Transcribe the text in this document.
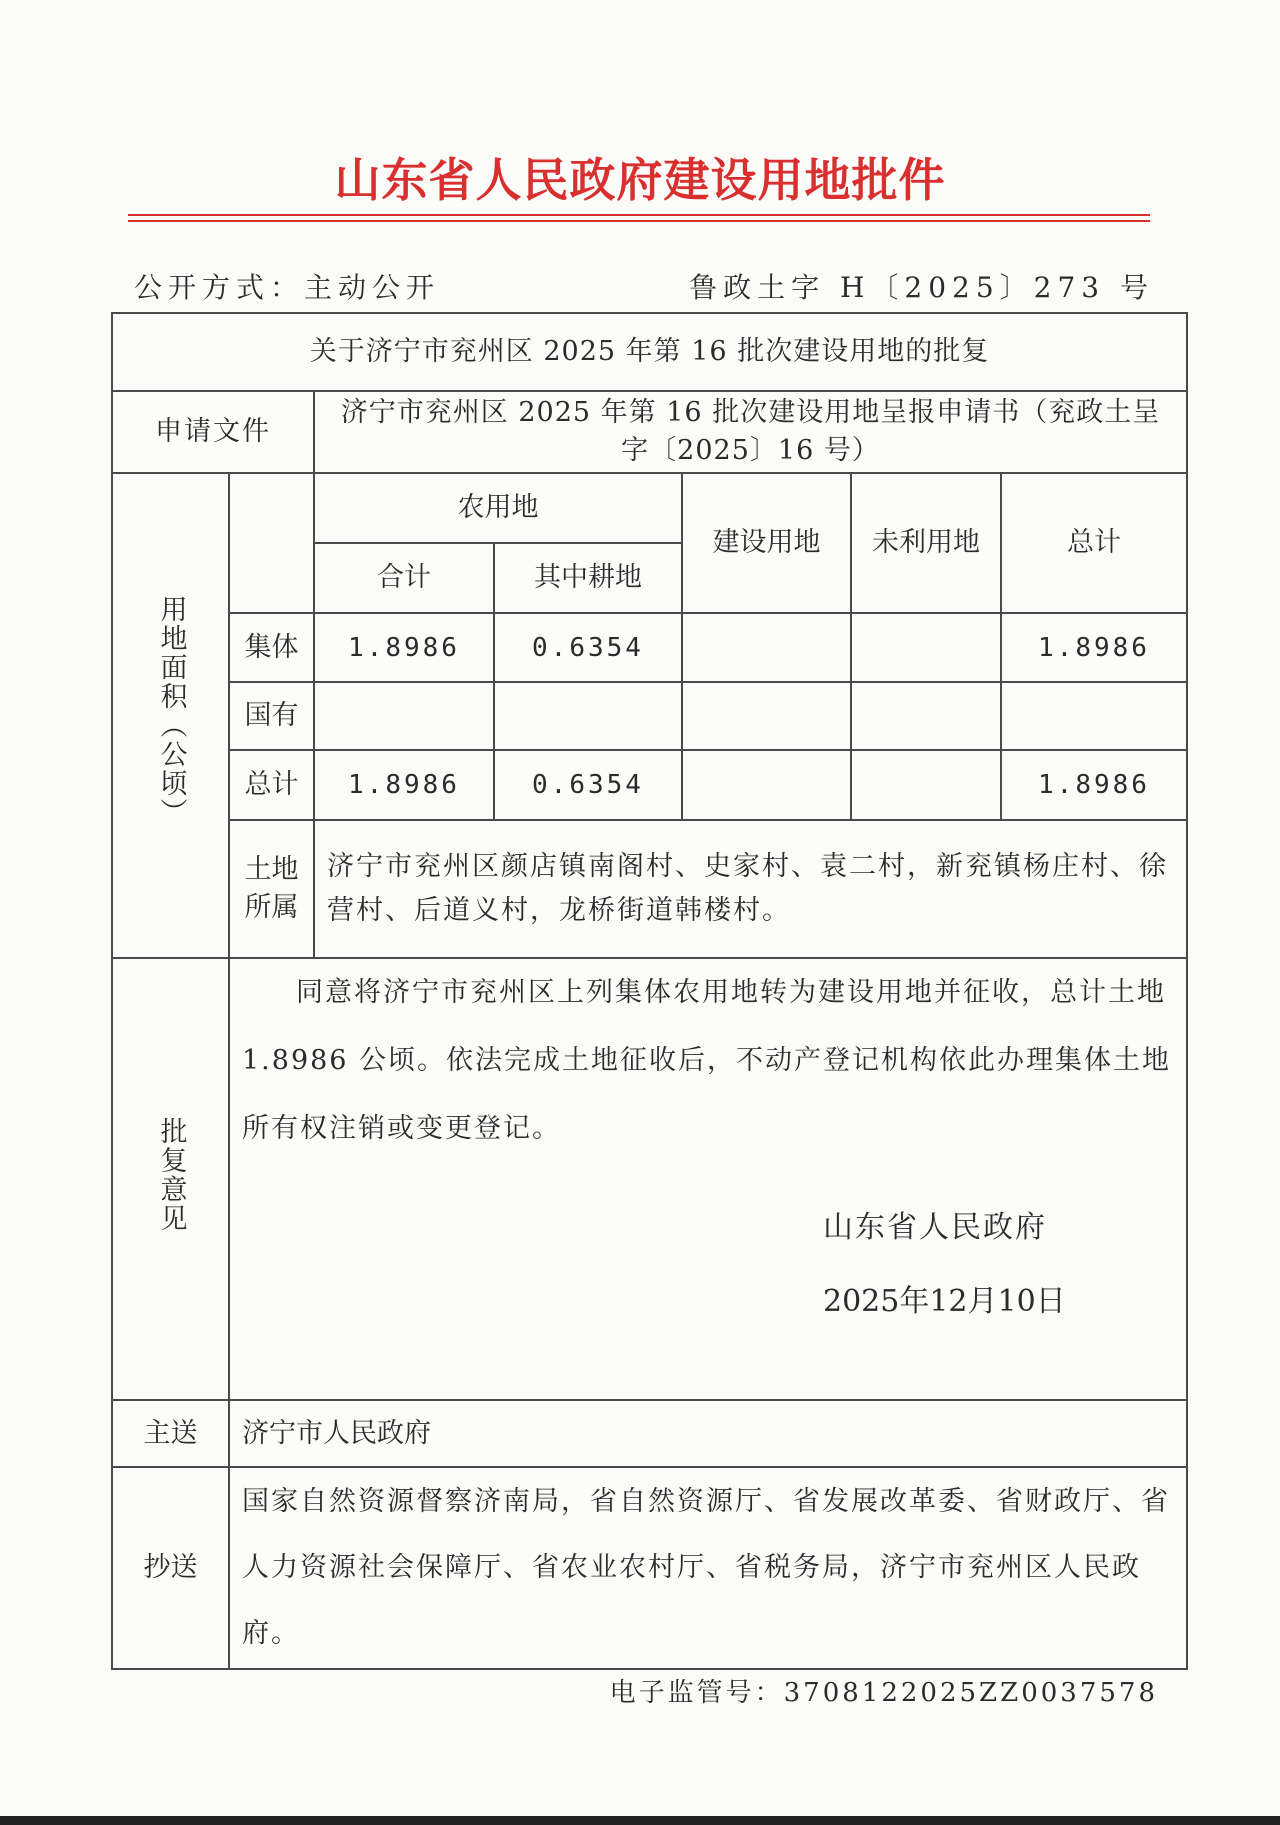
山东省人民政府建设用地批件
公开方式：主动公开	鲁政土字 H〔2025〕273 号
关于济宁市兖州区 2025 年第 16 批次建设用地的批复						
申请文件		济宁市兖州区 2025 年第 16 批次建设用地呈报申请书（兖政土呈字〔2025〕16 号）				
用地面积（公顷）		农用地		建设用地	未利用地	总计
		合计	其中耕地			
	集体	1.8986	0.6354			1.8986
	国有					
	总计	1.8986	0.6354			1.8986
	土地所属	济宁市兖州区颜店镇南阁村、史家村、袁二村，新兖镇杨庄村、徐营村、后道义村，龙桥街道韩楼村。				
批复意见	同意将济宁市兖州区上列集体农用地转为建设用地并征收，总计土地 1.8986 公顷。依法完成土地征收后，不动产登记机构依此办理集体土地所有权注销或变更登记。
山东省人民政府
2025年12月10日					

主送	济宁市人民政府					
抄送	国家自然资源督察济南局，省自然资源厅、省发展改革委、省财政厅、省人力资源社会保障厅、省农业农村厅、省税务局，济宁市兖州区人民政府。					
电子监管号：3708122025ZZ0037578
